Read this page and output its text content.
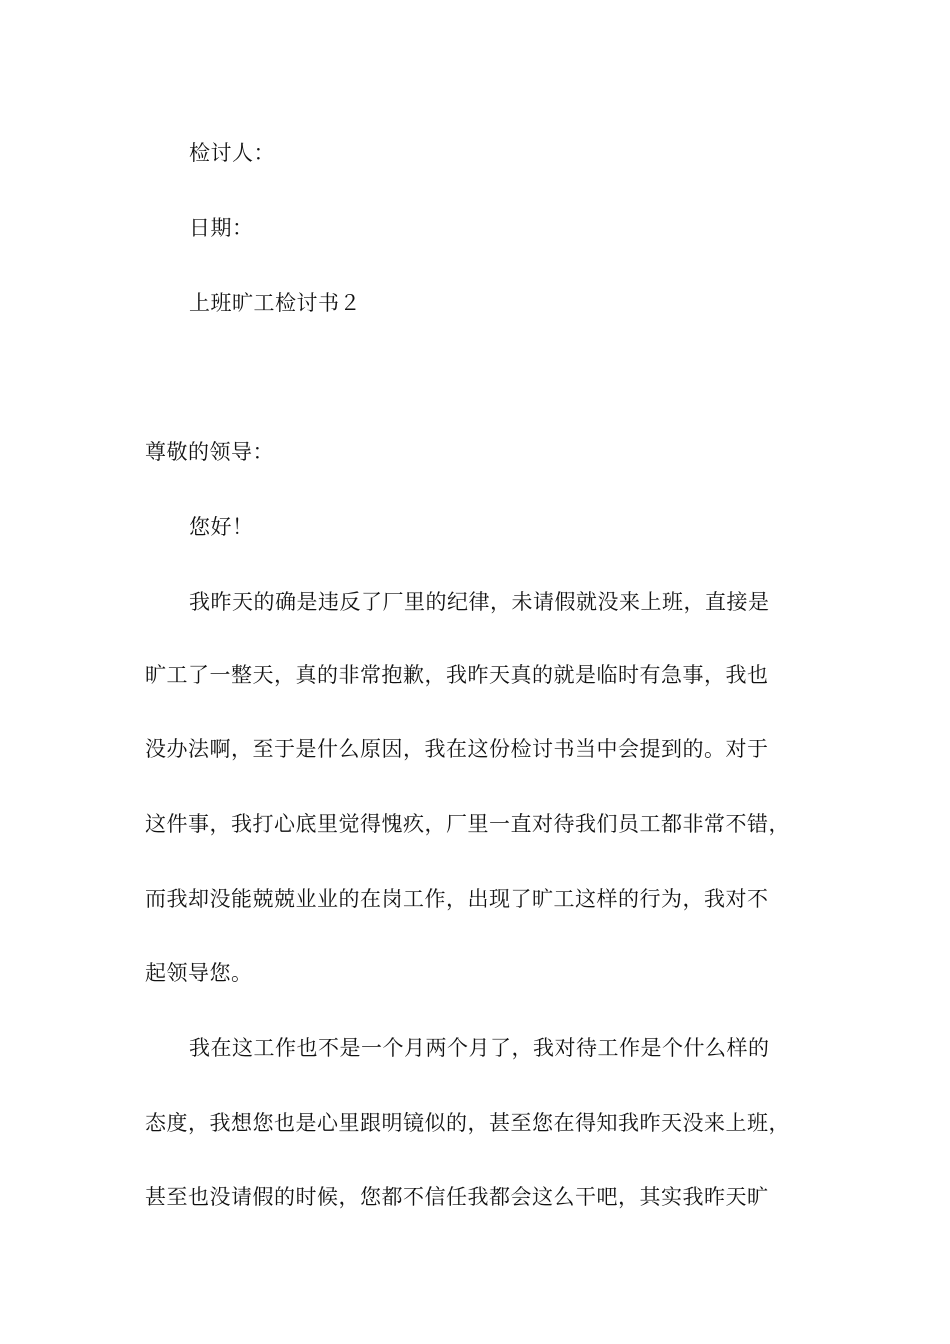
检讨人：
日期：
上班旷工检讨书２
尊敬的领导：
您好！
我昨天的确是违反了厂里的纪律，未请假就没来上班，直接是
旷工了一整天，真的非常抱歉，我昨天真的就是临时有急事，我也
没办法啊，至于是什么原因，我在这份检讨书当中会提到的。对于
这件事，我打心底里觉得愧疚，厂里一直对待我们员工都非常不错，
而我却没能兢兢业业的在岗工作，出现了旷工这样的行为，我对不
起领导您。
我在这工作也不是一个月两个月了，我对待工作是个什么样的
态度，我想您也是心里跟明镜似的，甚至您在得知我昨天没来上班，
甚至也没请假的时候，您都不信任我都会这么干吧，其实我昨天旷
